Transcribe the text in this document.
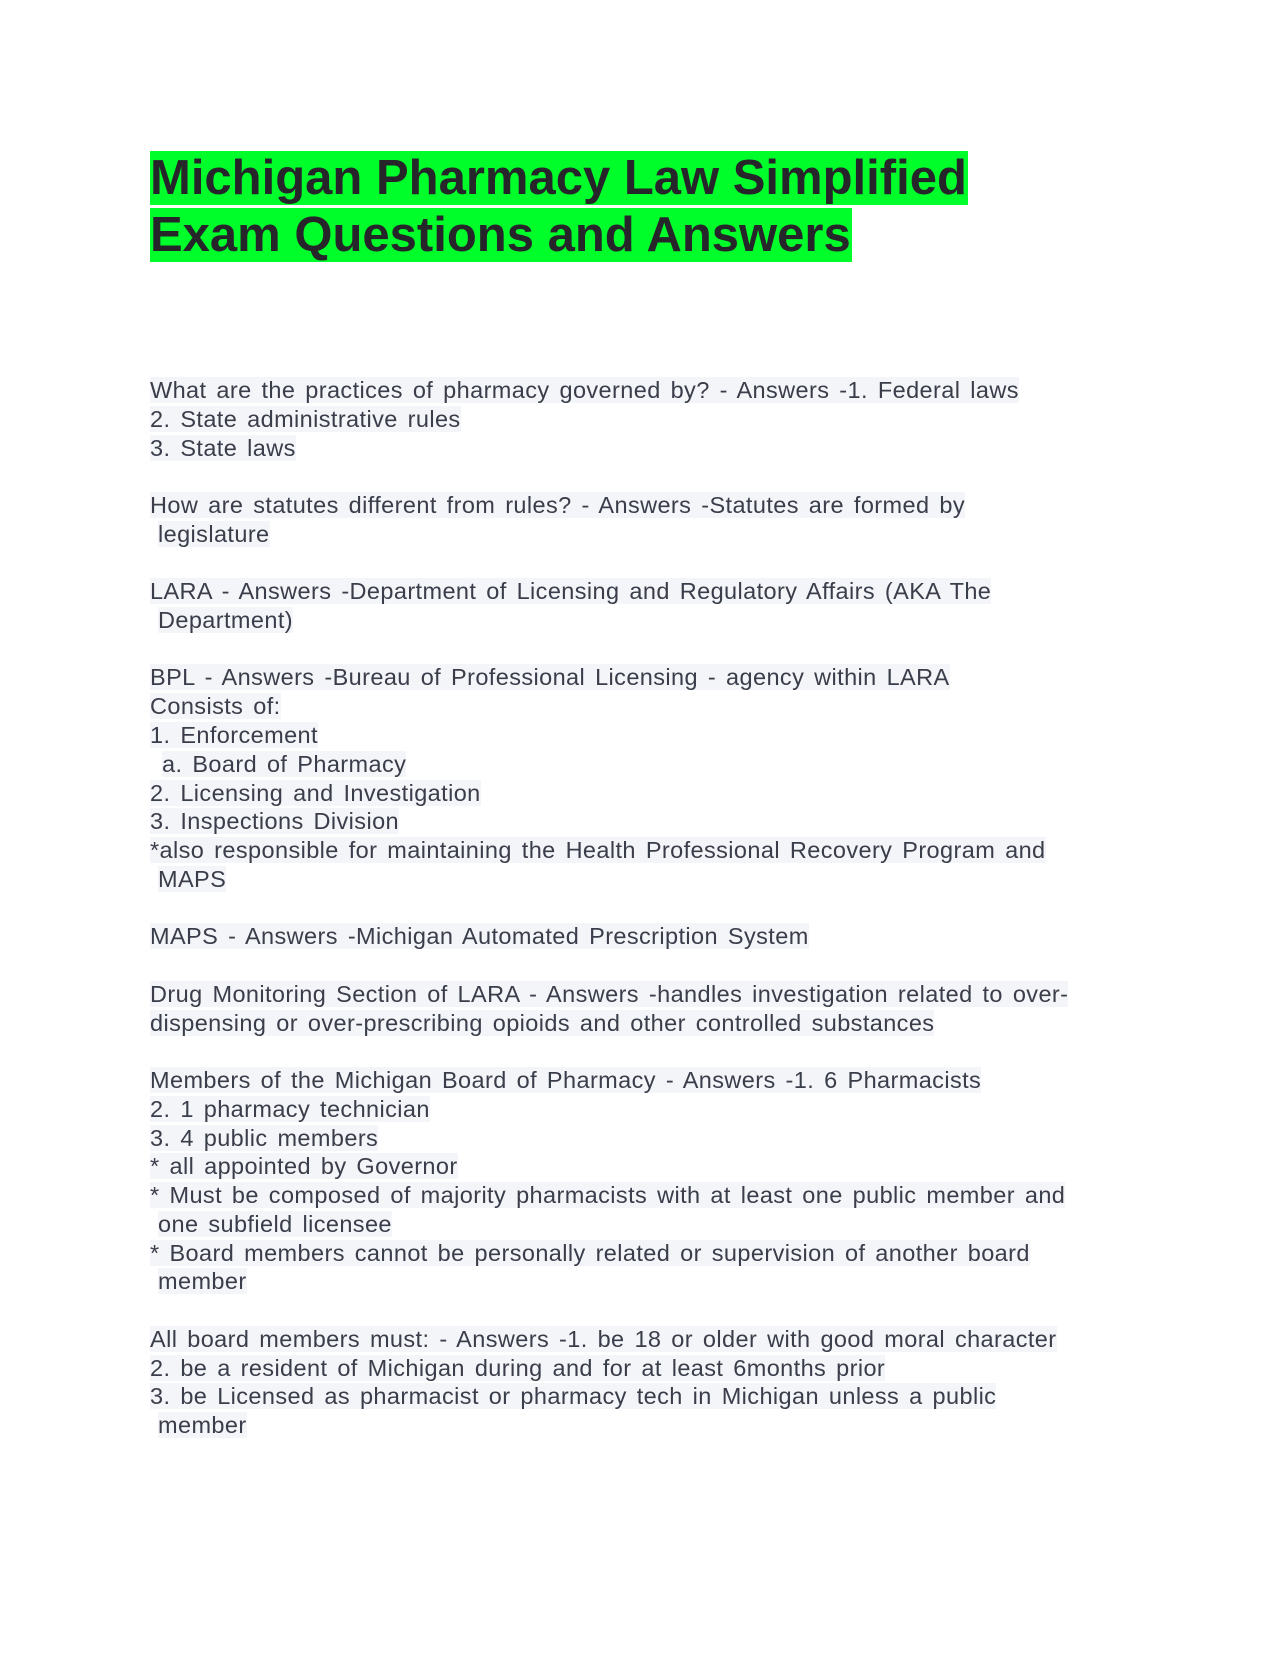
Michigan Pharmacy Law Simplified
Exam Questions and Answers
What are the practices of pharmacy governed by? - Answers -1. Federal laws
2. State administrative rules
3. State laws
How are statutes different from rules? - Answers -Statutes are formed by
legislature
LARA - Answers -Department of Licensing and Regulatory Affairs (AKA The
Department)
BPL - Answers -Bureau of Professional Licensing - agency within LARA
Consists of:
1. Enforcement
a. Board of Pharmacy
2. Licensing and Investigation
3. Inspections Division
*also responsible for maintaining the Health Professional Recovery Program and
MAPS
MAPS - Answers -Michigan Automated Prescription System
Drug Monitoring Section of LARA - Answers -handles investigation related to over-
dispensing or over-prescribing opioids and other controlled substances
Members of the Michigan Board of Pharmacy - Answers -1. 6 Pharmacists
2. 1 pharmacy technician
3. 4 public members
* all appointed by Governor
* Must be composed of majority pharmacists with at least one public member and
one subfield licensee
* Board members cannot be personally related or supervision of another board
member
All board members must: - Answers -1. be 18 or older with good moral character
2. be a resident of Michigan during and for at least 6months prior
3. be Licensed as pharmacist or pharmacy tech in Michigan unless a public
member
